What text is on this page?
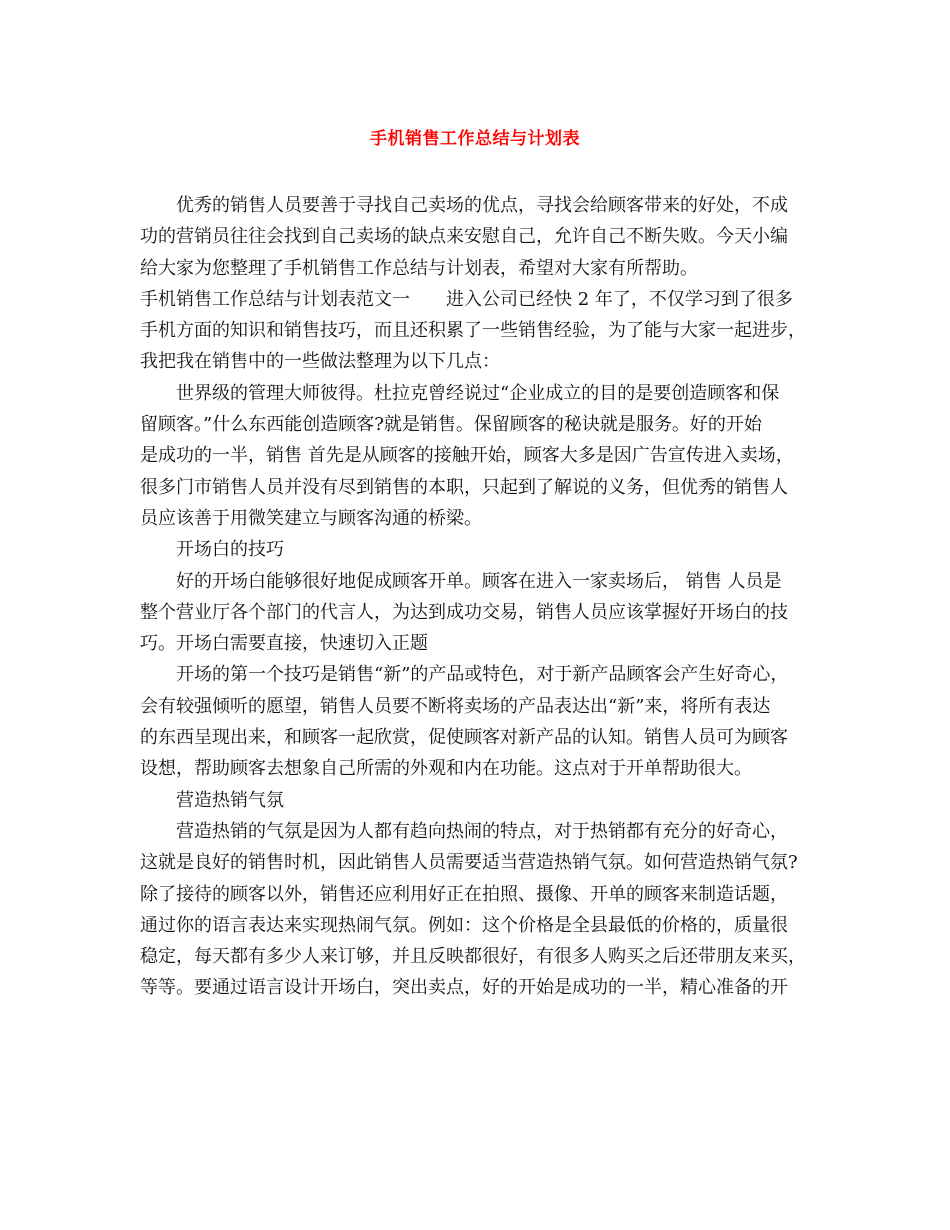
手机销售工作总结与计划表
优秀的销售人员要善于寻找自己卖场的优点，寻找会给顾客带来的好处，不成
功的营销员往往会找到自己卖场的缺点来安慰自己，允许自己不断失败。今天小编
给大家为您整理了手机销售工作总结与计划表，希望对大家有所帮助。
手机销售工作总结与计划表范文一　　进入公司已经快 2 年了，不仅学习到了很多
手机方面的知识和销售技巧，而且还积累了一些销售经验，为了能与大家一起进步，
我把我在销售中的一些做法整理为以下几点：
世界级的管理大师彼得。杜拉克曾经说过“企业成立的目的是要创造顾客和保
留顾客。”什么东西能创造顾客?就是销售。保留顾客的秘诀就是服务。好的开始
是成功的一半，销售 首先是从顾客的接触开始，顾客大多是因广告宣传进入卖场，
很多门市销售人员并没有尽到销售的本职，只起到了解说的义务，但优秀的销售人
员应该善于用微笑建立与顾客沟通的桥梁。
开场白的技巧
好的开场白能够很好地促成顾客开单。顾客在进入一家卖场后， 销售 人员是
整个营业厅各个部门的代言人，为达到成功交易，销售人员应该掌握好开场白的技
巧。开场白需要直接，快速切入正题
开场的第一个技巧是销售“新”的产品或特色，对于新产品顾客会产生好奇心，
会有较强倾听的愿望，销售人员要不断将卖场的产品表达出“新”来，将所有表达
的东西呈现出来，和顾客一起欣赏，促使顾客对新产品的认知。销售人员可为顾客
设想，帮助顾客去想象自己所需的外观和内在功能。这点对于开单帮助很大。
营造热销气氛
营造热销的气氛是因为人都有趋向热闹的特点，对于热销都有充分的好奇心，
这就是良好的销售时机，因此销售人员需要适当营造热销气氛。如何营造热销气氛?
除了接待的顾客以外，销售还应利用好正在拍照、摄像、开单的顾客来制造话题，
通过你的语言表达来实现热闹气氛。例如：这个价格是全县最低的价格的，质量很
稳定，每天都有多少人来订够，并且反映都很好，有很多人购买之后还带朋友来买，
等等。要通过语言设计开场白，突出卖点，好的开始是成功的一半，精心准备的开
